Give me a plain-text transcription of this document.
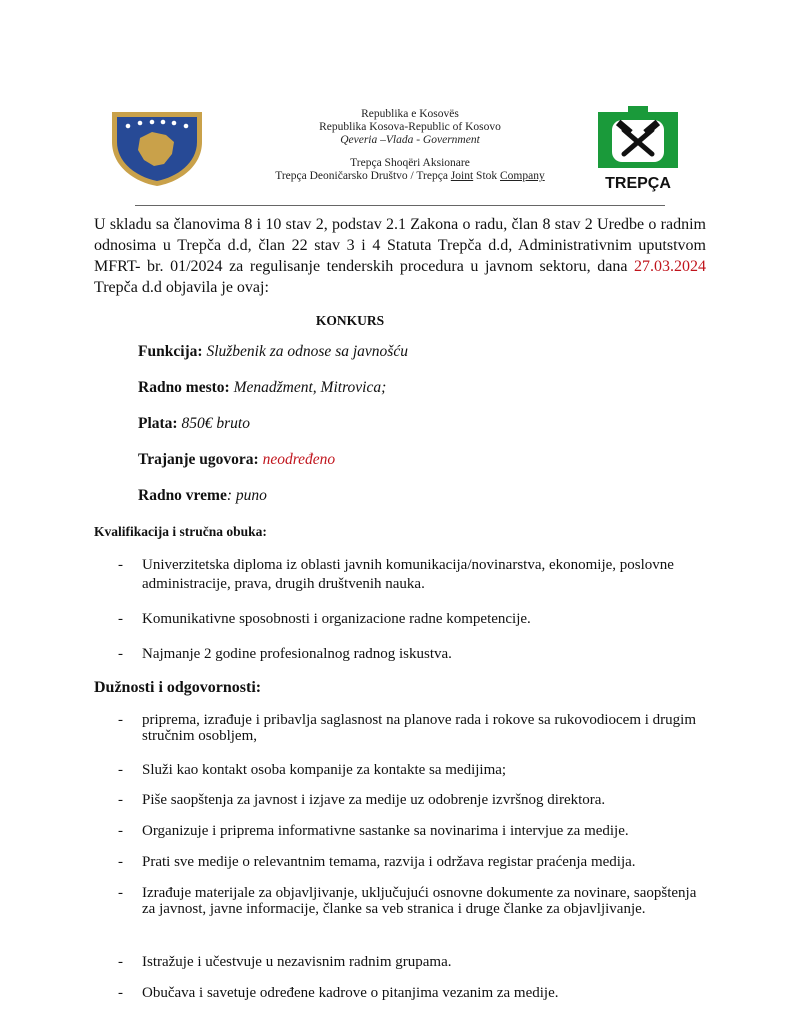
Republika e Kosovës
Republika Kosova-Republic of Kosovo
Qeveria –Vlada - Government
Trepça Shoqëri Aksionare
Trepça Deoničarsko Društvo / Trepça Joint Stok Company	TREPÇA
U skladu sa članovima 8 i 10 stav 2, podstav 2.1 Zakona o radu, član 8 stav 2 Uredbe o radnim odnosima u Trepča d.d, član 22 stav 3 i 4 Statuta Trepča d.d, Administrativnim uputstvom MFRT- br. 01/2024 za regulisanje tenderskih procedura u javnom sektoru, dana 27.03.2024 Trepča d.d objavila je ovaj:
KONKURS
Funkcija: Službenik za odnose sa javnošću
Radno mesto: Menadžment, Mitrovica;
Plata: 850€ bruto
Trajanje ugovora: neodređeno
Radno vreme: puno
Kvalifikacija i stručna obuka:
- Univerzitetska diploma iz oblasti javnih komunikacija/novinarstva, ekonomije, poslovne administracije, prava, drugih društvenih nauka.
- Komunikativne sposobnosti i organizacione radne kompetencije.
- Najmanje 2 godine profesionalnog radnog iskustva.
Dužnosti i odgovornosti:
- priprema, izrađuje i pribavlja saglasnost na planove rada i rokove sa rukovodiocem i drugim stručnim osobljem,
- Služi kao kontakt osoba kompanije za kontakte sa medijima;
- Piše saopštenja za javnost i izjave za medije uz odobrenje izvršnog direktora.
- Organizuje i priprema informativne sastanke sa novinarima i intervjue za medije.
- Prati sve medije o relevantnim temama, razvija i održava registar praćenja medija.
- Izrađuje materijale za objavljivanje, uključujući osnovne dokumente za novinare, saopštenja za javnost, javne informacije, članke sa veb stranica i druge članke za objavljivanje.
- Istražuje i učestvuje u nezavisnim radnim grupama.
- Obučava i savetuje određene kadrove o pitanjima vezanim za medije.
